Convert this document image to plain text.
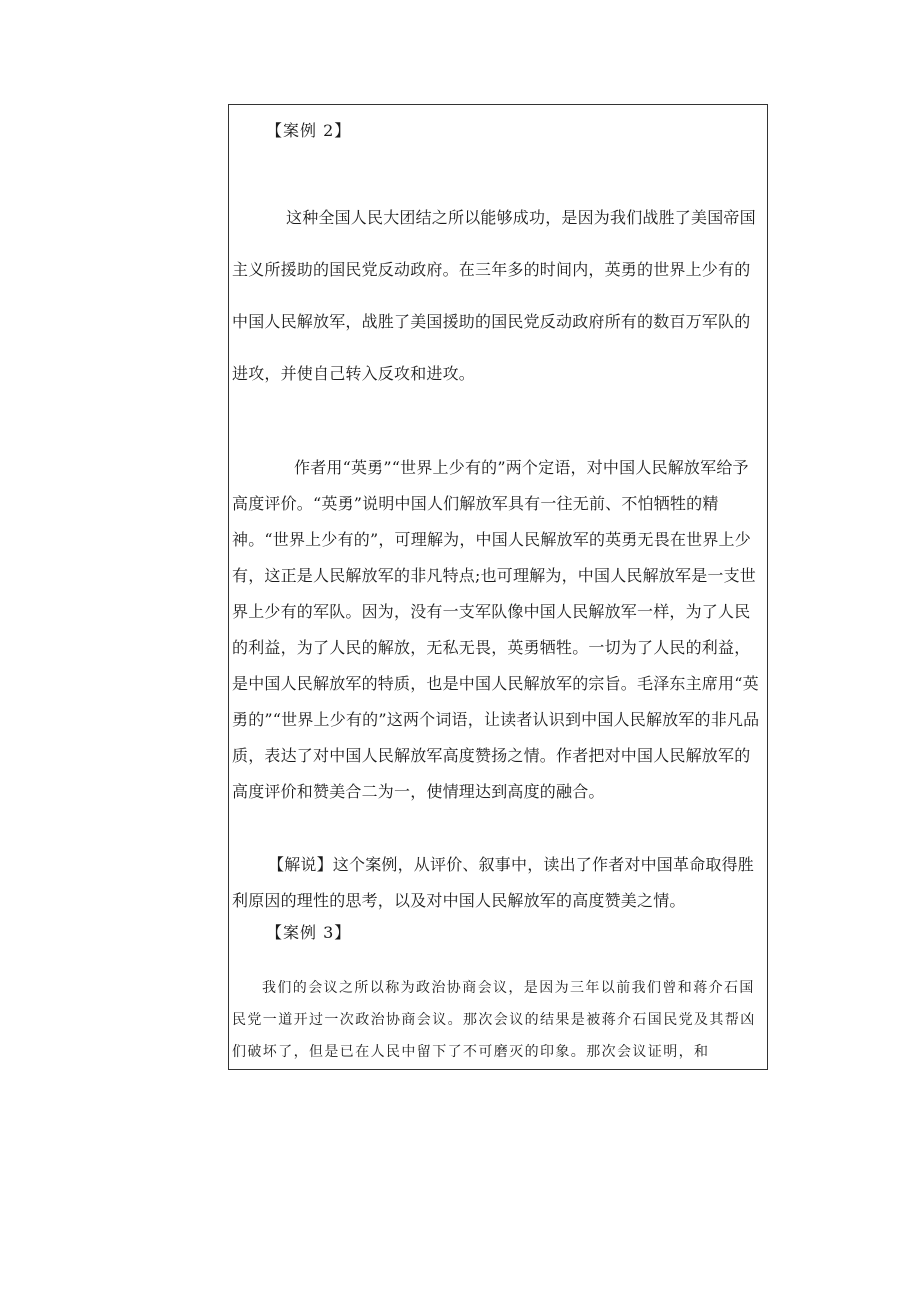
【案例 2】

这种全国人民大团结之所以能够成功，是因为我们战胜了美国帝国主义所援助的国民党反动政府。在三年多的时间内，英勇的世界上少有的中国人民解放军，战胜了美国援助的国民党反动政府所有的数百万军队的进攻，并使自己转入反攻和进攻。

作者用“英勇”“世界上少有的”两个定语，对中国人民解放军给予高度评价。“英勇”说明中国人们解放军具有一往无前、不怕牺牲的精神。“世界上少有的”，可理解为，中国人民解放军的英勇无畏在世界上少有，这正是人民解放军的非凡特点;也可理解为，中国人民解放军是一支世界上少有的军队。因为，没有一支军队像中国人民解放军一样，为了人民的利益，为了人民的解放，无私无畏，英勇牺牲。一切为了人民的利益，是中国人民解放军的特质，也是中国人民解放军的宗旨。毛泽东主席用“英勇的”“世界上少有的”这两个词语，让读者认识到中国人民解放军的非凡品质，表达了对中国人民解放军高度赞扬之情。作者把对中国人民解放军的高度评价和赞美合二为一，使情理达到高度的融合。

【解说】这个案例，从评价、叙事中，读出了作者对中国革命取得胜利原因的理性的思考，以及对中国人民解放军的高度赞美之情。

【案例 3】

我们的会议之所以称为政治协商会议，是因为三年以前我们曾和蒋介石国民党一道开过一次政治协商会议。那次会议的结果是被蒋介石国民党及其帮凶们破坏了，但是已在人民中留下了不可磨灭的印象。那次会议证明，和
